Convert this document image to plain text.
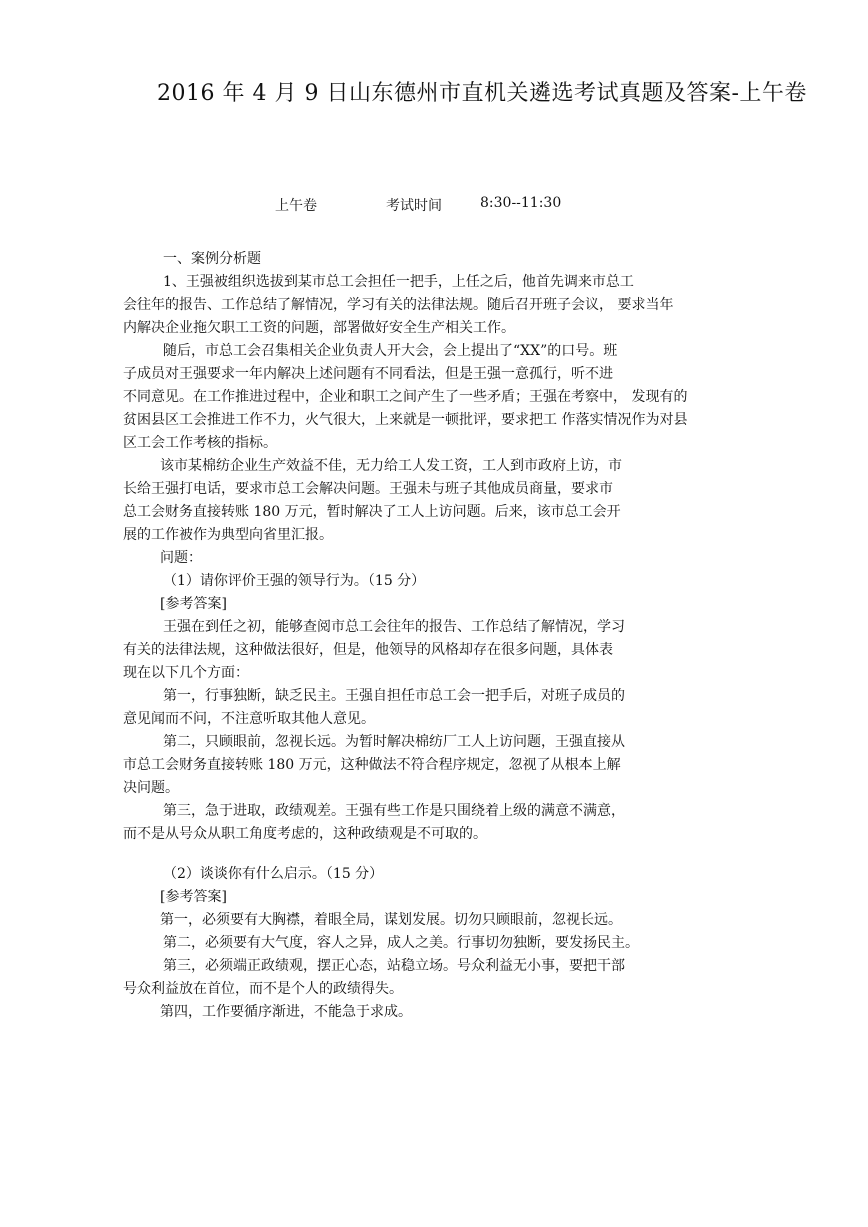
2016 年 4 月 9 日山东德州市直机关遴选考试真题及答案-上午卷
上午卷	考试时间	8:30--11:30
一、案例分析题
1、王强被组织选拔到某市总工会担任一把手，上任之后，他首先调来市总工
会往年的报告、工作总结了解情况，学习有关的法律法规。随后召开班子会议， 要求当年
内解决企业拖欠职工工资的问题，部署做好安全生产相关工作。
随后，市总工会召集相关企业负责人开大会，会上提出了“XX”的口号。班
子成员对王强要求一年内解决上述问题有不同看法，但是王强一意孤行，听不进
不同意见。在工作推进过程中，企业和职工之间产生了一些矛盾；王强在考察中， 发现有的
贫困县区工会推进工作不力，火气很大，上来就是一顿批评，要求把工 作落实情况作为对县
区工会工作考核的指标。
该市某棉纺企业生产效益不佳，无力给工人发工资，工人到市政府上访，市
长给王强打电话，要求市总工会解决问题。王强未与班子其他成员商量，要求市
总工会财务直接转账 180 万元，暂时解决了工人上访问题。后来，该市总工会开
展的工作被作为典型向省里汇报。
问题：
（1）请你评价王强的领导行为。（15 分）
[参考答案]
王强在到任之初，能够查阅市总工会往年的报告、工作总结了解情况，学习
有关的法律法规，这种做法很好，但是，他领导的风格却存在很多问题，具体表
现在以下几个方面：
第一，行事独断，缺乏民主。王强自担任市总工会一把手后，对班子成员的
意见闻而不问，不注意听取其他人意见。
第二，只顾眼前，忽视长远。为暂时解决棉纺厂工人上访问题，王强直接从
市总工会财务直接转账 180 万元，这种做法不符合程序规定，忽视了从根本上解
决问题。
第三，急于进取，政绩观差。王强有些工作是只围绕着上级的满意不满意，
而不是从号众从职工角度考虑的，这种政绩观是不可取的。
（2）谈谈你有什么启示。（15 分）
[参考答案]
第一，必须要有大胸襟，着眼全局，谋划发展。切勿只顾眼前，忽视长远。
第二，必须要有大气度，容人之异，成人之美。行事切勿独断，要发扬民主。
第三，必须端正政绩观，摆正心态，站稳立场。号众利益无小事，要把干部
号众利益放在首位，而不是个人的政绩得失。
第四，工作要循序渐进，不能急于求成。
